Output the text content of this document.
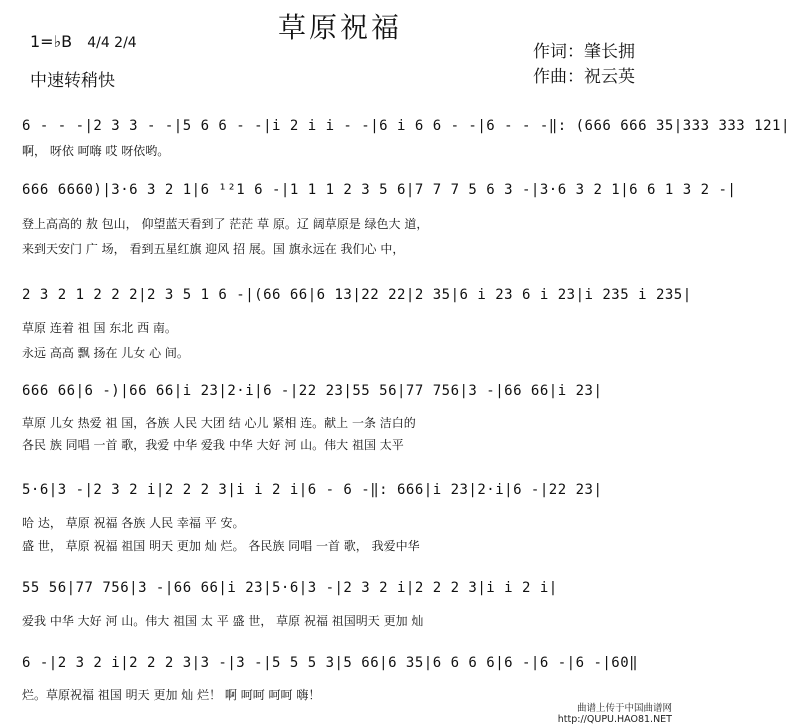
草原祝福
1=♭B 4/4 2/4
中速转稍快
作词：肇长拥
作曲：祝云英
6 - - -|2 3 3 - -|5 6 6 - -|i 2 i i - -|6 i 6 6 - -|6 - - -‖: (666 666 35|333 333 121|
啊， 呀依 呵嗨 哎 呀依哟。
666 6660)|3·6 3 2 1|6 ¹²1 6 -|1 1 1 2 3 5 6|7 7 7 5 6 3 -|3·6 3 2 1|6 6 1 3 2 -|
登上高高的 敖 包山， 仰望蓝天看到了 茫茫 草 原。辽 阔草原是 绿色大 道，
来到天安门 广 场， 看到五星红旗 迎风 招 展。国 旗永远在 我们心 中，
2 3 2 1 2 2 2|2 3 5 1 6 -|(66 66|6 13|22 22|2 35|6 i 23 6 i 23|i 235 i 235|
草原 连着 祖 国 东北 西 南。
永远 高高 飘 扬在 儿女 心 间。
666 66|6 -)|66 66|i 23|2·i|6 -|22 23|55 56|77 756|3 -|66 66|i 23|
草原 儿女 热爱 祖 国，各族 人民 大团 结 心儿 紧相 连。献上 一条 洁白的
各民 族 同唱 一首 歌，我爱 中华 爱我 中华 大好 河 山。伟大 祖国 太平
5·6|3 -|2 3 2 i|2 2 2 3|i i 2 i|6 - 6 -‖: 666|i 23|2·i|6 -|22 23|
哈 达， 草原 祝福 各族 人民 幸福 平 安。
盛 世， 草原 祝福 祖国 明天 更加 灿 烂。 各民族 同唱 一首 歌， 我爱中华
55 56|77 756|3 -|66 66|i 23|5·6|3 -|2 3 2 i|2 2 2 3|i i 2 i|
爱我 中华 大好 河 山。伟大 祖国 太 平 盛 世， 草原 祝福 祖国明天 更加 灿
6 -|2 3 2 i|2 2 2 3|3 -|3 -|5 5 5 3|5 66|6 35|6 6 6 6|6 -|6 -|6 -|60‖
烂。草原祝福 祖国 明天 更加 灿 烂！ 啊 呵呵 呵呵 嗨！
曲谱上传于中国曲谱网
http://QUPU.HAO81.NET
